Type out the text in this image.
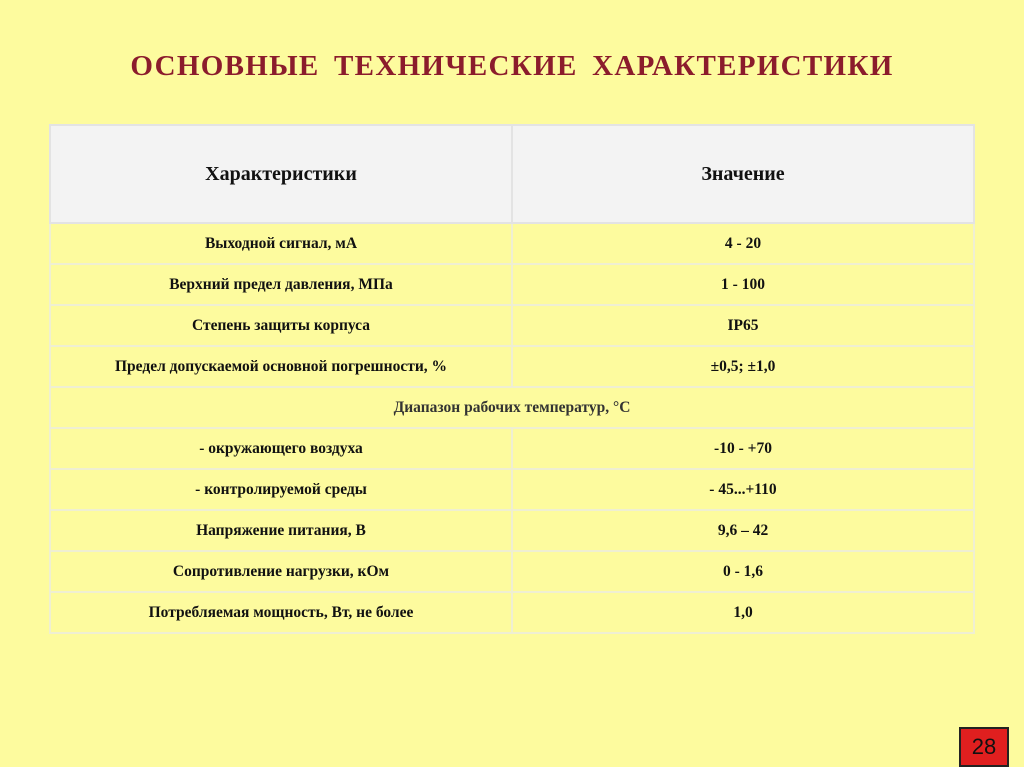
ОСНОВНЫЕ ТЕХНИЧЕСКИЕ ХАРАКТЕРИСТИКИ
Характеристики	Значение
Выходной сигнал, мА	4 - 20
Верхний предел давления, МПа	1 - 100
Степень защиты корпуса	IP65
Предел допускаемой основной погрешности, %	±0,5; ±1,0
Диапазон рабочих температур, °С	
- окружающего воздуха	-10 - +70
- контролируемой среды	- 45...+110
Напряжение питания, В	9,6 – 42
Сопротивление нагрузки, кОм	0 - 1,6
Потребляемая мощность, Вт, не более	1,0
28
